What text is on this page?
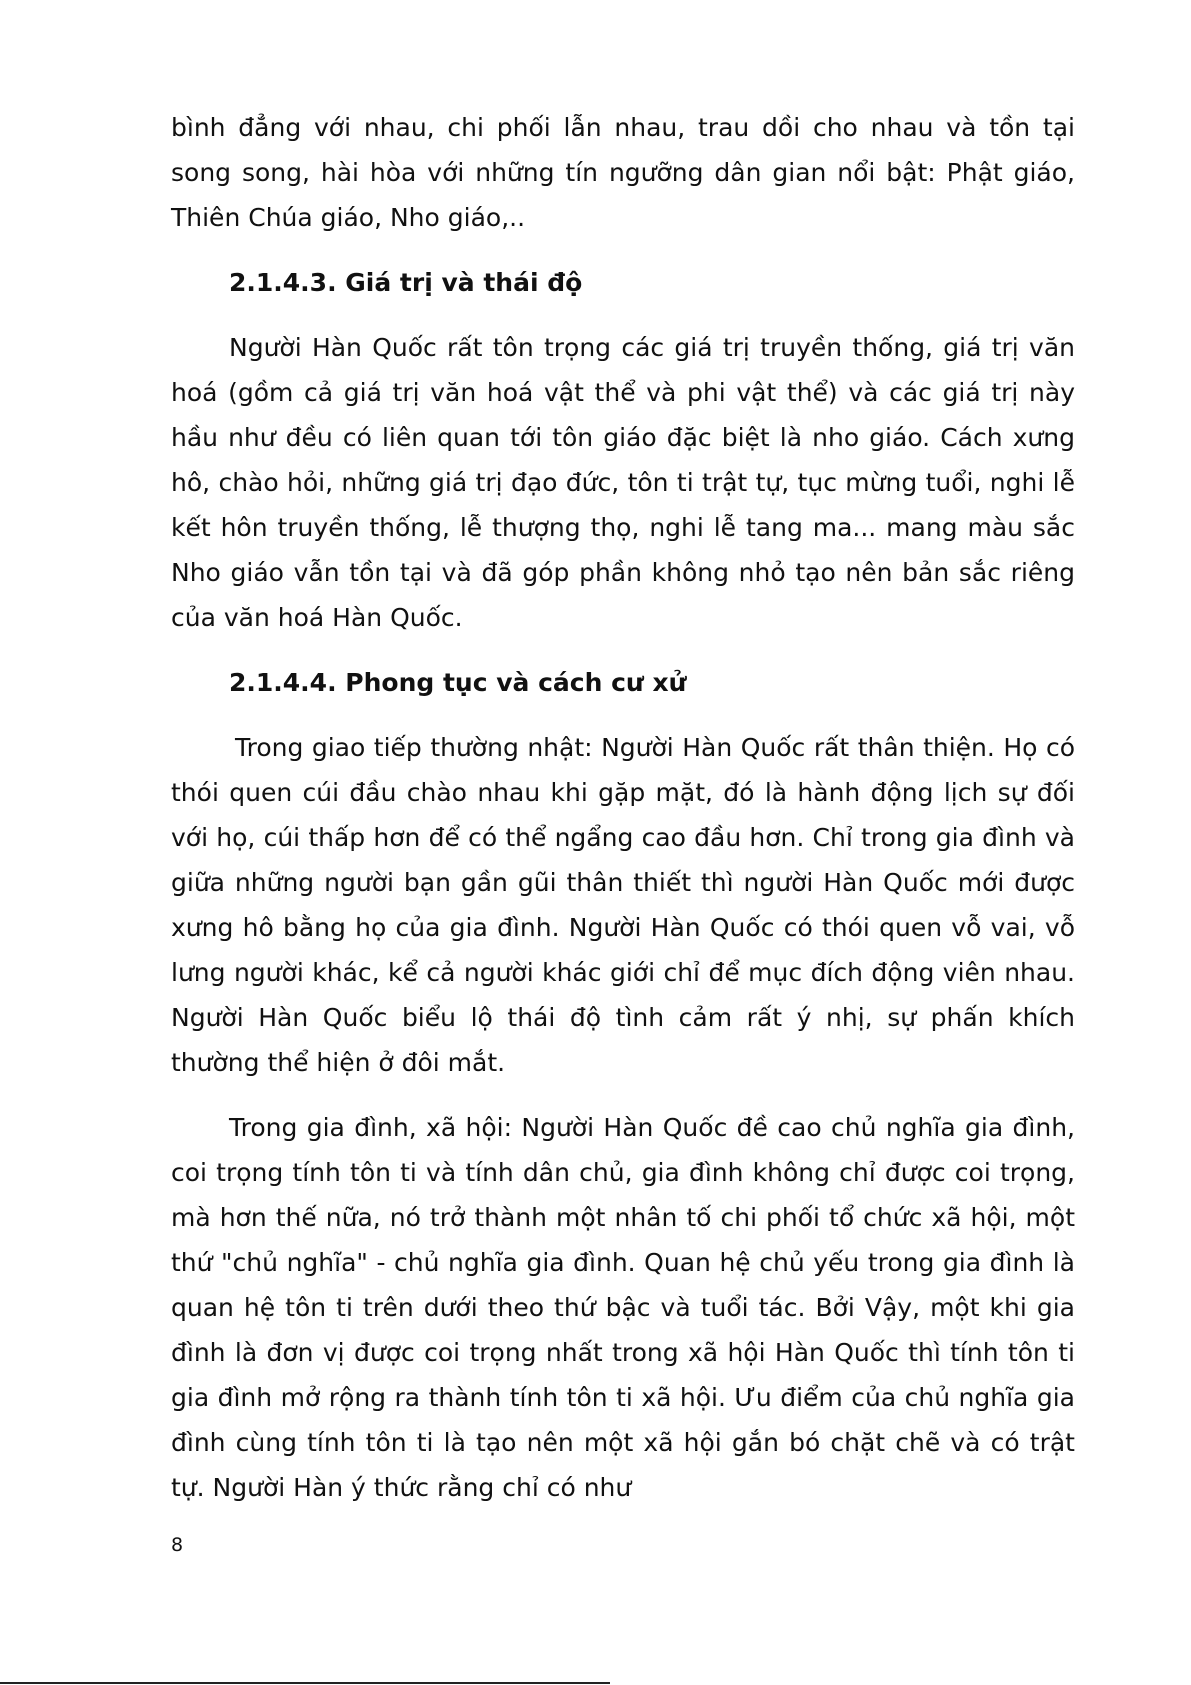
bình đẳng với nhau, chi phối lẫn nhau, trau dồi cho nhau và tồn tại song song, hài hòa với những tín ngưỡng dân gian nổi bật: Phật giáo, Thiên Chúa giáo, Nho giáo,..

2.1.4.3. Giá trị và thái độ

Người Hàn Quốc rất tôn trọng các giá trị truyền thống, giá trị văn hoá (gồm cả giá trị văn hoá vật thể và phi vật thể) và các giá trị này hầu như đều có liên quan tới tôn giáo đặc biệt là nho giáo. Cách xưng hô, chào hỏi, những giá trị đạo đức, tôn ti trật tự, tục mừng tuổi, nghi lễ kết hôn truyền thống, lễ thượng thọ, nghi lễ tang ma... mang màu sắc Nho giáo vẫn tồn tại và đã góp phần không nhỏ tạo nên bản sắc riêng của văn hoá Hàn Quốc.

2.1.4.4. Phong tục và cách cư xử

Trong giao tiếp thường nhật: Người Hàn Quốc rất thân thiện. Họ có thói quen cúi đầu chào nhau khi gặp mặt, đó là hành động lịch sự đối với họ, cúi thấp hơn để có thể ngẩng cao đầu hơn. Chỉ trong gia đình và giữa những người bạn gần gũi thân thiết thì người Hàn Quốc mới được xưng hô bằng họ của gia đình. Người Hàn Quốc có thói quen vỗ vai, vỗ lưng người khác, kể cả người khác giới chỉ để mục đích động viên nhau. Người Hàn Quốc biểu lộ thái độ tình cảm rất ý nhị, sự phấn khích thường thể hiện ở đôi mắt.

Trong gia đình, xã hội: Người Hàn Quốc đề cao chủ nghĩa gia đình, coi trọng tính tôn ti và tính dân chủ, gia đình không chỉ được coi trọng, mà hơn thế nữa, nó trở thành một nhân tố chi phối tổ chức xã hội, một thứ "chủ nghĩa" - chủ nghĩa gia đình. Quan hệ chủ yếu trong gia đình là quan hệ tôn ti trên dưới theo thứ bậc và tuổi tác. Bởi Vậy, một khi gia đình là đơn vị được coi trọng nhất trong xã hội Hàn Quốc thì tính tôn ti gia đình mở rộng ra thành tính tôn ti xã hội. Ưu điểm của chủ nghĩa gia đình cùng tính tôn ti là tạo nên một xã hội gắn bó chặt chẽ và có trật tự. Người Hàn ý thức rằng chỉ có như

8
